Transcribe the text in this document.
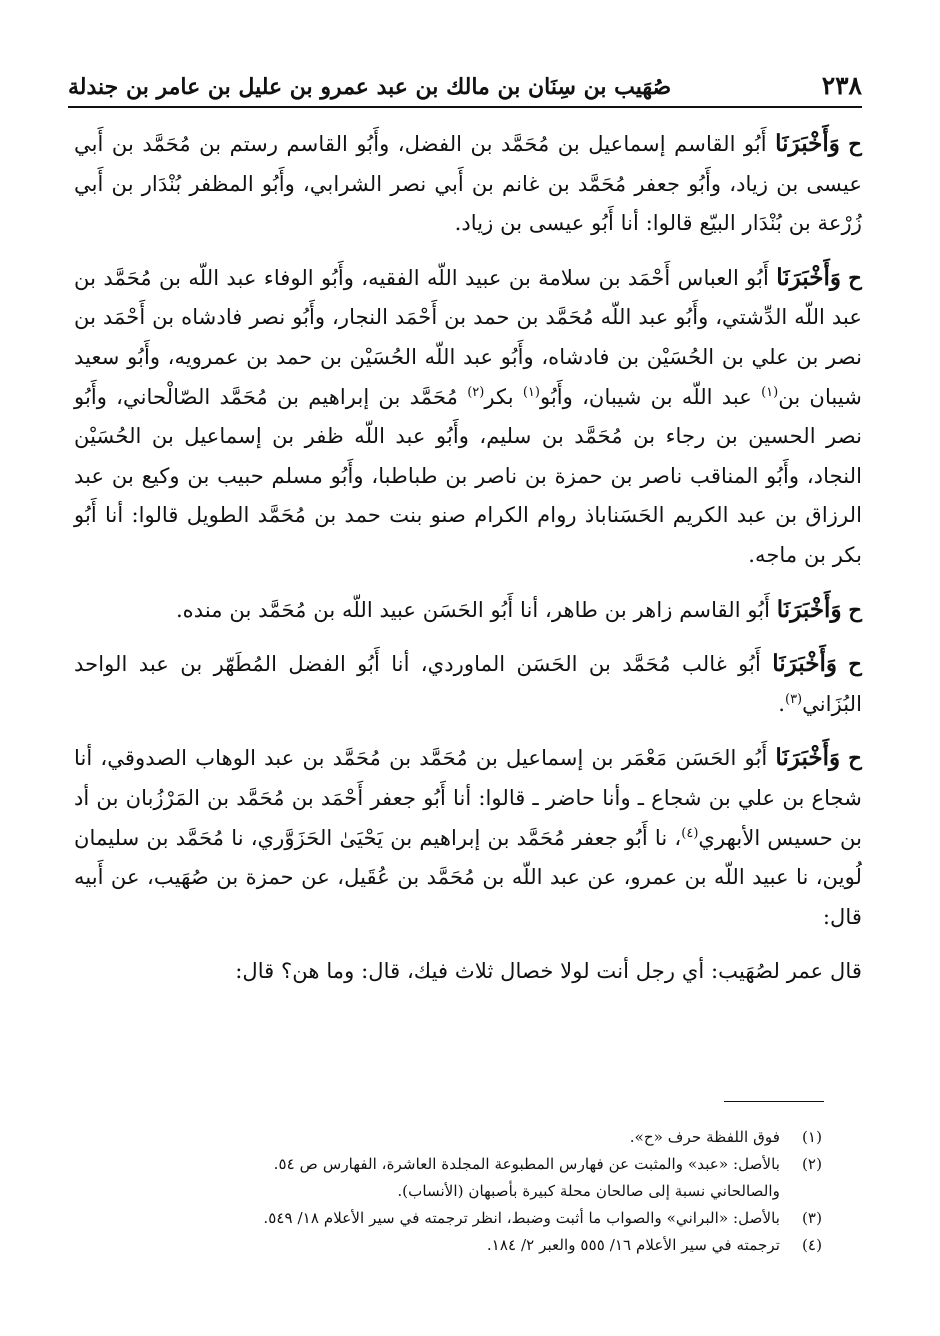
٢٣٨
صُهَيب بن سِنَان بن مالك بن عبد عمرو بن عليل بن عامر بن جندلة

ح وَأَخْبَرَنَا أَبُو القاسم إسماعيل بن مُحَمَّد بن الفضل، وأَبُو القاسم رستم بن مُحَمَّد بن أَبي عيسى بن زياد، وأَبُو جعفر مُحَمَّد بن غانم بن أَبي نصر الشرابي، وأَبُو المظفر بُنْدَار بن أَبي زُرْعة بن بُنْدَار البيّع قالوا: أنا أَبُو عيسى بن زياد.

ح وَأَخْبَرَنَا أَبُو العباس أَحْمَد بن سلامة بن عبيد اللّه الفقيه، وأَبُو الوفاء عبد اللّه بن مُحَمَّد بن عبد اللّه الدِّشتي، وأَبُو عبد اللّه مُحَمَّد بن حمد بن أَحْمَد النجار، وأَبُو نصر فادشاه بن أَحْمَد بن نصر بن علي بن الحُسَيْن بن فادشاه، وأَبُو عبد اللّه الحُسَيْن بن حمد بن عمرويه، وأَبُو سعيد شيبان بن$^{(١)}$ عبد اللّه بن شيبان، وأَبُو$^{(١)}$ بكر$^{(٢)}$ مُحَمَّد بن إبراهيم بن مُحَمَّد الصّالْحاني، وأَبُو نصر الحسين بن رجاء بن مُحَمَّد بن سليم، وأَبُو عبد اللّه ظفر بن إسماعيل بن الحُسَيْن النجاد، وأَبُو المناقب ناصر بن حمزة بن ناصر بن طباطبا، وأَبُو مسلم حبيب بن وكيع بن عبد الرزاق بن عبد الكريم الحَسَناباذ روام الكرام صنو بنت حمد بن مُحَمَّد الطويل قالوا: أنا أَبُو بكر بن ماجه.

ح وَأَخْبَرَنَا أَبُو القاسم زاهر بن طاهر، أنا أَبُو الحَسَن عبيد اللّه بن مُحَمَّد بن منده.

ح وَأَخْبَرَنَا أَبُو غالب مُحَمَّد بن الحَسَن الماوردي، أنا أَبُو الفضل المُطَهّر بن عبد الواحد البُزَاني$^{(٣)}$.

ح وَأَخْبَرَنَا أَبُو الحَسَن مَعْمَر بن إسماعيل بن مُحَمَّد بن مُحَمَّد بن عبد الوهاب الصدوقي، أنا شجاع بن علي بن شجاع ـ وأنا حاضر ـ قالوا: أنا أَبُو جعفر أَحْمَد بن مُحَمَّد بن المَرْزُبان بن أد بن حسيس الأبهري$^{(٤)}$، نا أَبُو جعفر مُحَمَّد بن إبراهيم بن يَحْيَىٰ الحَزَوَّري، نا مُحَمَّد بن سليمان لُوين، نا عبيد اللّه بن عمرو، عن عبد اللّه بن مُحَمَّد بن عُقَيل، عن حمزة بن صُهَيب، عن أَبيه قال:

قال عمر لصُهَيب: أي رجل أنت لولا خصال ثلاث فيك، قال: وما هن؟ قال:

(١)
فوق اللفظة حرف «ح».
(٢)
بالأصل: «عبد» والمثبت عن فهارس المطبوعة المجلدة العاشرة، الفهارس ص ٥٤.
والصالحاني نسبة إلى صالحان محلة كبيرة بأصبهان (الأنساب).
(٣)
بالأصل: «البراني» والصواب ما أثبت وضبط، انظر ترجمته في سير الأعلام ١٨/ ٥٤٩.
(٤)
ترجمته في سير الأعلام ١٦/ ٥٥٥ والعبر ٢/ ١٨٤.
